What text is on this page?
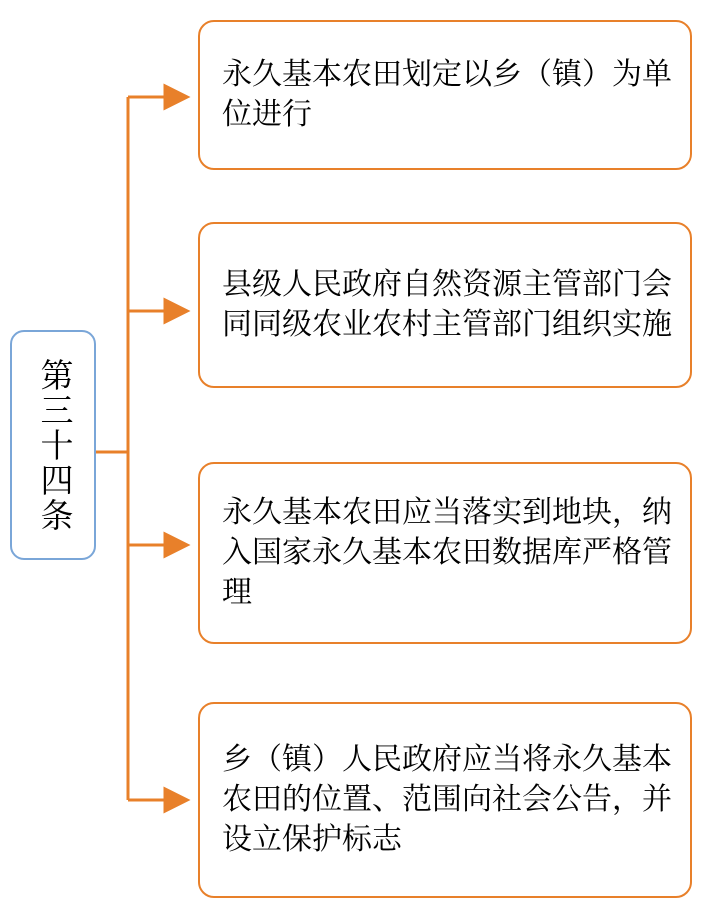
第三十四条
永久基本农田划定以乡（镇）为单位进行
县级人民政府自然资源主管部门会同同级农业农村主管部门组织实施
永久基本农田应当落实到地块，纳入国家永久基本农田数据库严格管理
乡（镇）人民政府应当将永久基本农田的位置、范围向社会公告，并设立保护标志
